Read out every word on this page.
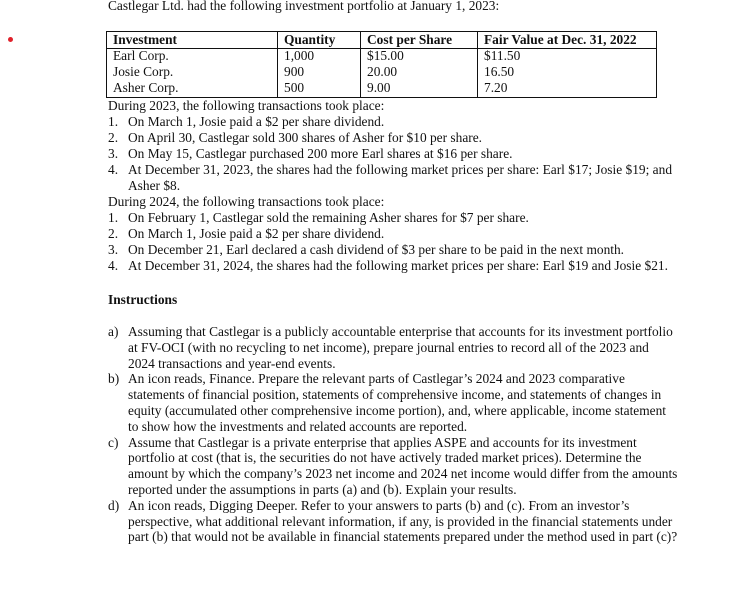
Castlegar Ltd. had the following investment portfolio at January 1, 2023:
Investment	Quantity	Cost per Share	Fair Value at Dec. 31, 2022
Earl Corp.	1,000	$15.00	$11.50
Josie Corp.	900	20.00	16.50
Asher Corp.	500	9.00	7.20
During 2023, the following transactions took place:
1. On March 1, Josie paid a $2 per share dividend.
2. On April 30, Castlegar sold 300 shares of Asher for $10 per share.
3. On May 15, Castlegar purchased 200 more Earl shares at $16 per share.
4. At December 31, 2023, the shares had the following market prices per share: Earl $17; Josie $19; and Asher $8.
During 2024, the following transactions took place:
1. On February 1, Castlegar sold the remaining Asher shares for $7 per share.
2. On March 1, Josie paid a $2 per share dividend.
3. On December 21, Earl declared a cash dividend of $3 per share to be paid in the next month.
4. At December 31, 2024, the shares had the following market prices per share: Earl $19 and Josie $21.
Instructions
a) Assuming that Castlegar is a publicly accountable enterprise that accounts for its investment portfolio at FV-OCI (with no recycling to net income), prepare journal entries to record all of the 2023 and 2024 transactions and year-end events.
b) An icon reads, Finance. Prepare the relevant parts of Castlegar’s 2024 and 2023 comparative statements of financial position, statements of comprehensive income, and statements of changes in equity (accumulated other comprehensive income portion), and, where applicable, income statement to show how the investments and related accounts are reported.
c) Assume that Castlegar is a private enterprise that applies ASPE and accounts for its investment portfolio at cost (that is, the securities do not have actively traded market prices). Determine the amount by which the company’s 2023 net income and 2024 net income would differ from the amounts reported under the assumptions in parts (a) and (b). Explain your results.
d) An icon reads, Digging Deeper. Refer to your answers to parts (b) and (c). From an investor’s perspective, what additional relevant information, if any, is provided in the financial statements under part (b) that would not be available in financial statements prepared under the method used in part (c)?
